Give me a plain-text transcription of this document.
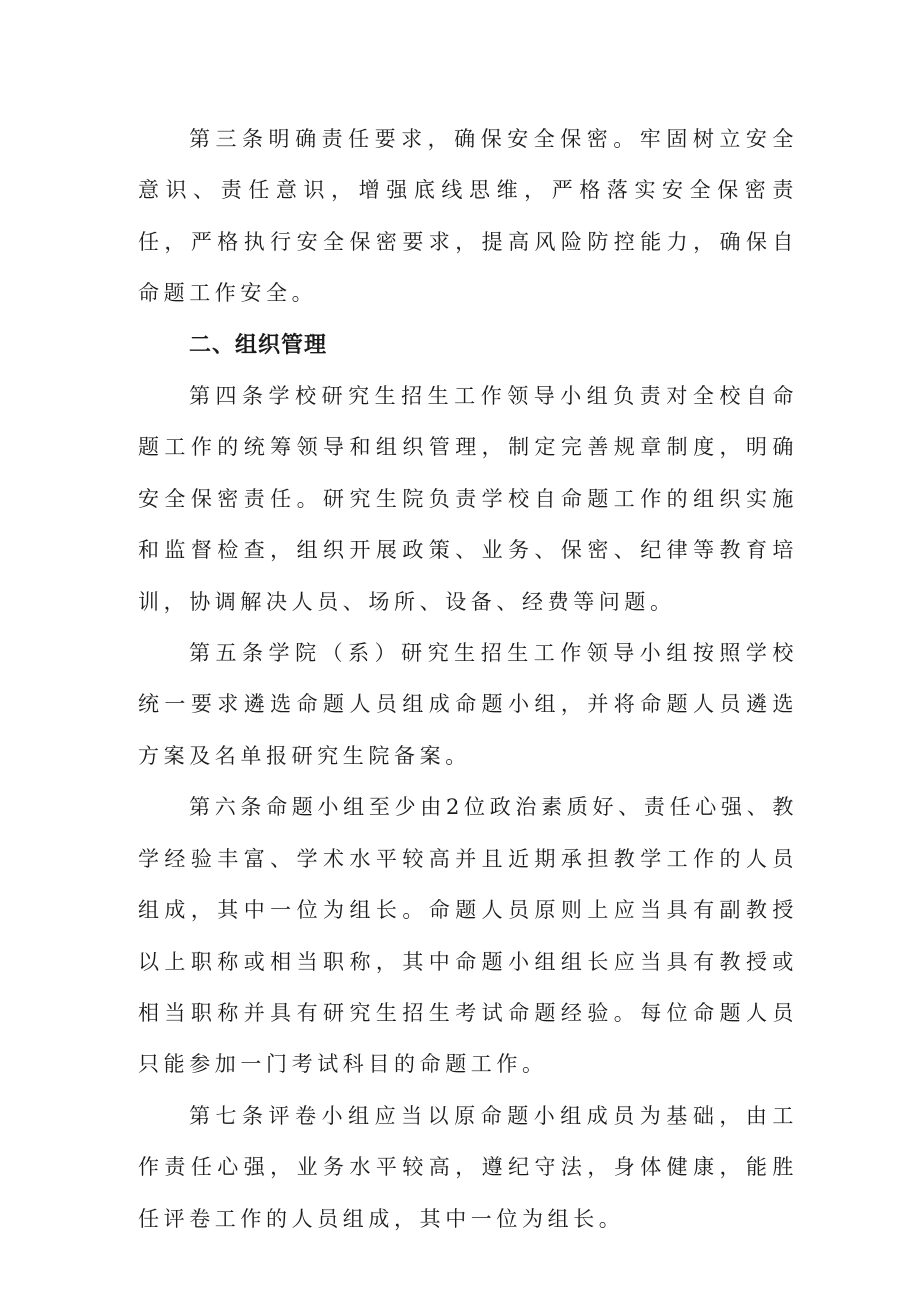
第三条明确责任要求，确保安全保密。牢固树立安全意识、责任意识，增强底线思维，严格落实安全保密责任，严格执行安全保密要求，提高风险防控能力，确保自命题工作安全。

二、组织管理

第四条学校研究生招生工作领导小组负责对全校自命题工作的统筹领导和组织管理，制定完善规章制度，明确安全保密责任。研究生院负责学校自命题工作的组织实施和监督检查，组织开展政策、业务、保密、纪律等教育培训，协调解决人员、场所、设备、经费等问题。

第五条学院（系）研究生招生工作领导小组按照学校统一要求遴选命题人员组成命题小组，并将命题人员遴选方案及名单报研究生院备案。

第六条命题小组至少由2位政治素质好、责任心强、教学经验丰富、学术水平较高并且近期承担教学工作的人员组成，其中一位为组长。命题人员原则上应当具有副教授以上职称或相当职称，其中命题小组组长应当具有教授或相当职称并具有研究生招生考试命题经验。每位命题人员只能参加一门考试科目的命题工作。

第七条评卷小组应当以原命题小组成员为基础，由工作责任心强，业务水平较高，遵纪守法，身体健康，能胜任评卷工作的人员组成，其中一位为组长。
